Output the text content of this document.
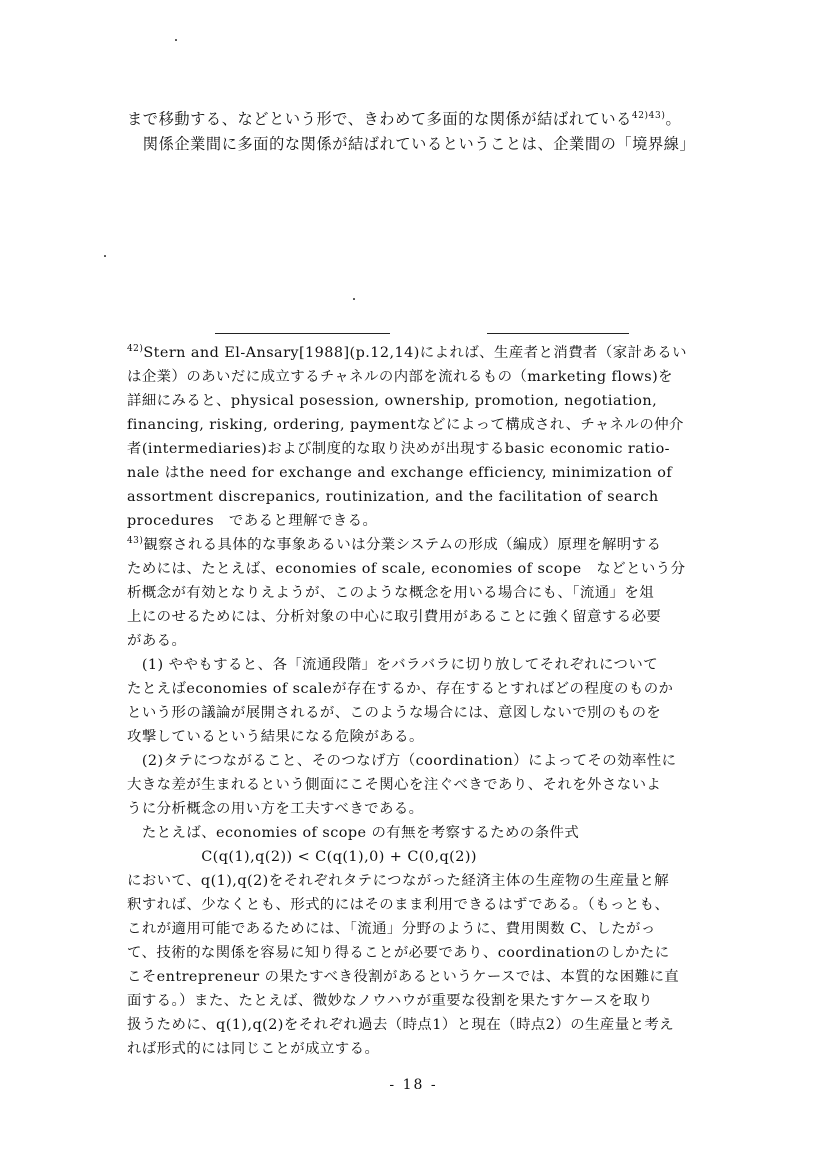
まで移動する、などという形で、きわめて多面的な関係が結ばれている$^{42)43)}$。
　関係企業間に多面的な関係が結ばれているということは、企業間の「境界線」
$^{42)}$Stern and El-Ansary[1988](p.12,14)によれば、生産者と消費者（家計あるい
は企業）のあいだに成立するチャネルの内部を流れるもの（marketing flows)を
詳細にみると、physical posession, ownership, promotion, negotiation,
financing, risking, ordering, paymentなどによって構成され、チャネルの仲介
者(intermediaries)および制度的な取り決めが出現するbasic economic ratio-
nale はthe need for exchange and exchange efficiency, minimization of
assortment discrepanics, routinization, and the facilitation of search
procedures　であると理解できる。
$^{43)}$観察される具体的な事象あるいは分業システムの形成（編成）原理を解明する
ためには、たとえば、economies of scale, economies of scope　などという分
析概念が有効となりえようが、このような概念を用いる場合にも、「流通」を俎
上にのせるためには、分析対象の中心に取引費用があることに強く留意する必要
がある。
　(1) ややもすると、各「流通段階」をバラバラに切り放してそれぞれについて
たとえばeconomies of scaleが存在するか、存在するとすればどの程度のものか
という形の議論が展開されるが、このような場合には、意図しないで別のものを
攻撃しているという結果になる危険がある。
　(2)タテにつながること、そのつなげ方（coordination）によってその効率性に
大きな差が生まれるという側面にこそ関心を注ぐべきであり、それを外さないよ
うに分析概念の用い方を工夫すべきである。
　たとえば、economies of scope の有無を考察するための条件式
　　　　　C(q(1),q(2)) < C(q(1),0) + C(0,q(2))
において、q(1),q(2)をそれぞれタテにつながった経済主体の生産物の生産量と解
釈すれば、少なくとも、形式的にはそのまま利用できるはずである。（もっとも、
これが適用可能であるためには、「流通」分野のように、費用関数 C、したがっ
て、技術的な関係を容易に知り得ることが必要であり、coordinationのしかたに
こそentrepreneur の果たすべき役割があるというケースでは、本質的な困難に直
面する。）また、たとえば、微妙なノウハウが重要な役割を果たすケースを取り
扱うために、q(1),q(2)をそれぞれ過去（時点1）と現在（時点2）の生産量と考え
れば形式的には同じことが成立する。
- 18 -
